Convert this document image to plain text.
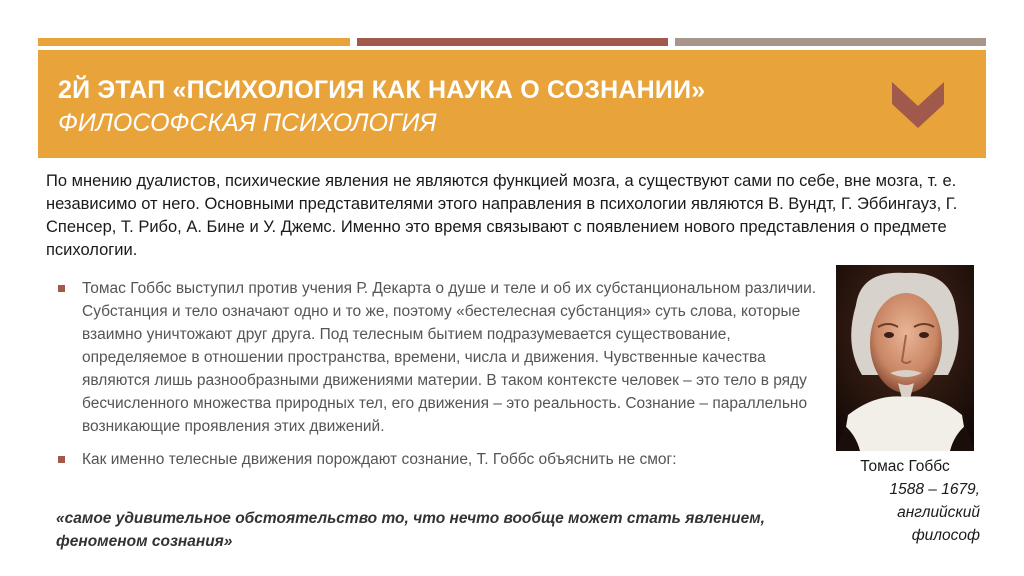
2Й ЭТАП «ПСИХОЛОГИЯ КАК НАУКА О СОЗНАНИИ»
ФИЛОСОФСКАЯ ПСИХОЛОГИЯ
По мнению дуалистов, психические явления не являются функцией мозга, а существуют сами по себе, вне мозга, т. е. независимо от него. Основными представителями этого направления в психологии являются В. Вундт, Г. Эббингауз, Г. Спенсер, Т. Рибо, А. Бине и У. Джемс. Именно это время связывают с появлением нового представления о предмете психологии.
Томас Гоббс выступил против учения Р. Декарта о душе и теле и об их субстанциональном различии. Субстанция и тело означают одно и то же, поэтому «бестелесная субстанция» суть слова, которые взаимно уничтожают друг друга. Под телесным бытием подразумевается существование, определяемое в отношении пространства, времени, числа и движения. Чувственные качества являются лишь разнообразными движениями материи. В таком контексте человек – это тело в ряду бесчисленного множества природных тел, его движения – это реальность. Сознание – параллельно возникающие проявления этих движений.
Как именно телесные движения порождают сознание, Т. Гоббс объяснить не смог:
«самое удивительное обстоятельство то, что нечто вообще может стать явлением, феноменом сознания»
Томас Гоббс
1588 – 1679,
английский
философ
